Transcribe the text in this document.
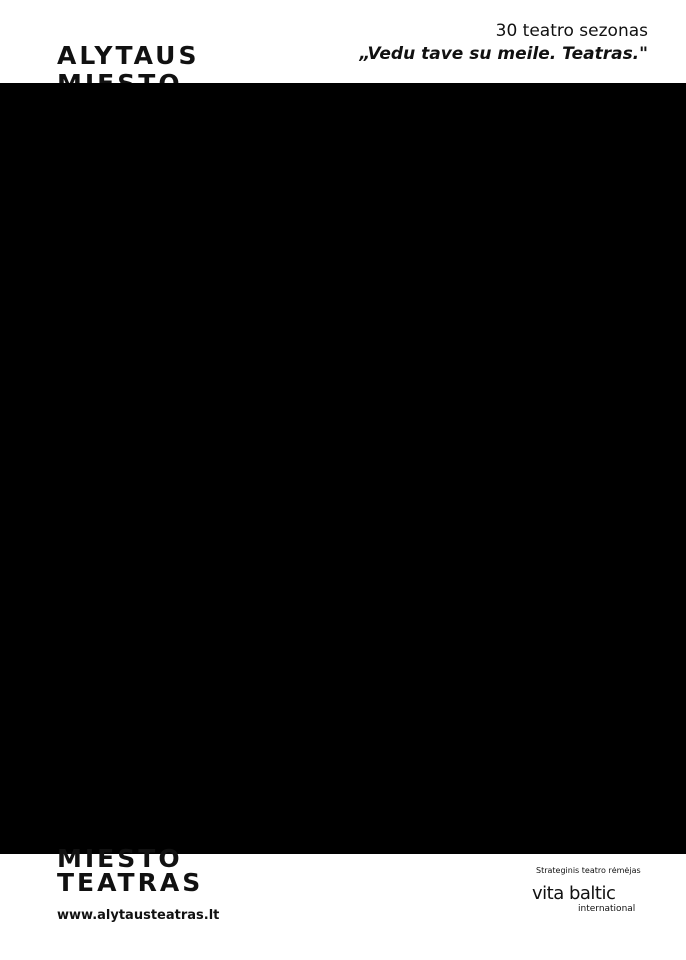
ALYTAUS
30 teatro sezonas
„Vedu tave su meile. Teatras."
1.	Teatro „Atviras ratas" spektaklis „BAKCHANTĖS: AKTAS“ (pagal Euripido pjesę, režisierė I. Stundžytė) perkeliamas į gegužės 6 d. 18 val.
2.	Gabrieliaus Vagelio ir grupės koncertas perkeliamas į gegužės 26 d. 18 val.
3.	Alytaus miesto teatro premjera „MAKBETAS“ (pagal W. Shakespeare pjesę, režisierius ir adaptacijos autorius P. Tsikolia) perkeliamas į balandžio 17 d. 18 val.
4.	Klaipėdos jaunimo teatro spektaklis „ŽIURKIAGALVIAI“ (pagal Natacha De Poncharra pjesę) perkeliamas į gegužės 29 d. 18 val.
5.	Inesos Pilvelytės autorinis vakaras „ME(t)RAI“ perkeliamas į balandžio 18 d.
6.	„Taško teatro“ spektaklis „ANTIGONĖ NIUJORKE“ (pagal Janusz Glowacki pjesę, režisūra D. Rabašauskas ir V. Masalskis) perkeliamas į rugsėjo 22 d. 18 val.
7.	Sauliaus Petreikio koncertas „SEKMA RYTA“ perkeliamas į birželio mėnesį (data bus tikslinama)
8.	Klaipėdos jaunimo teatro spektaklis „MOTINA“ (pagal Maxim Gorkij pjesę, režisierius D. Rabašauskas) yra perkeliamas į gegužės 6 d. 18 val.
9.	Keistuolių teatro spektaklis vaikams „HOP“ (pagal D. Bisseto pasakas, režisierius A. Giniotis) perkeliamas į gegužės 9 d. 12 val.
10. Lietuvos Nacionalinio dramos teatro spektaklis „ĮSTABIOJI IR GRAUDŽIOJI ROMEO IR DŽULJETOS ISTORIJA“ (pagal W. Shakespeare pjesę, režisierius O. Koršunovas) perkeliamas į gegužės 20 d. 18 val.
11. Keistuolių teatro spektaklis „PATI LABIAUSIA PASAKA“ (režisierius V. Žitkus) perkeliamas į gegužės 21 d. 11 val.
Perkeltomis datomis galios tie patys bilietai.
Dėl bilietų grąžinimo informacijos teirautis bilietų įsigijimo vietoje.
MIESTO
TEATRAS
www.alytausteatras.lt
Strateginis teatro rėmėjas
vita baltic
international
